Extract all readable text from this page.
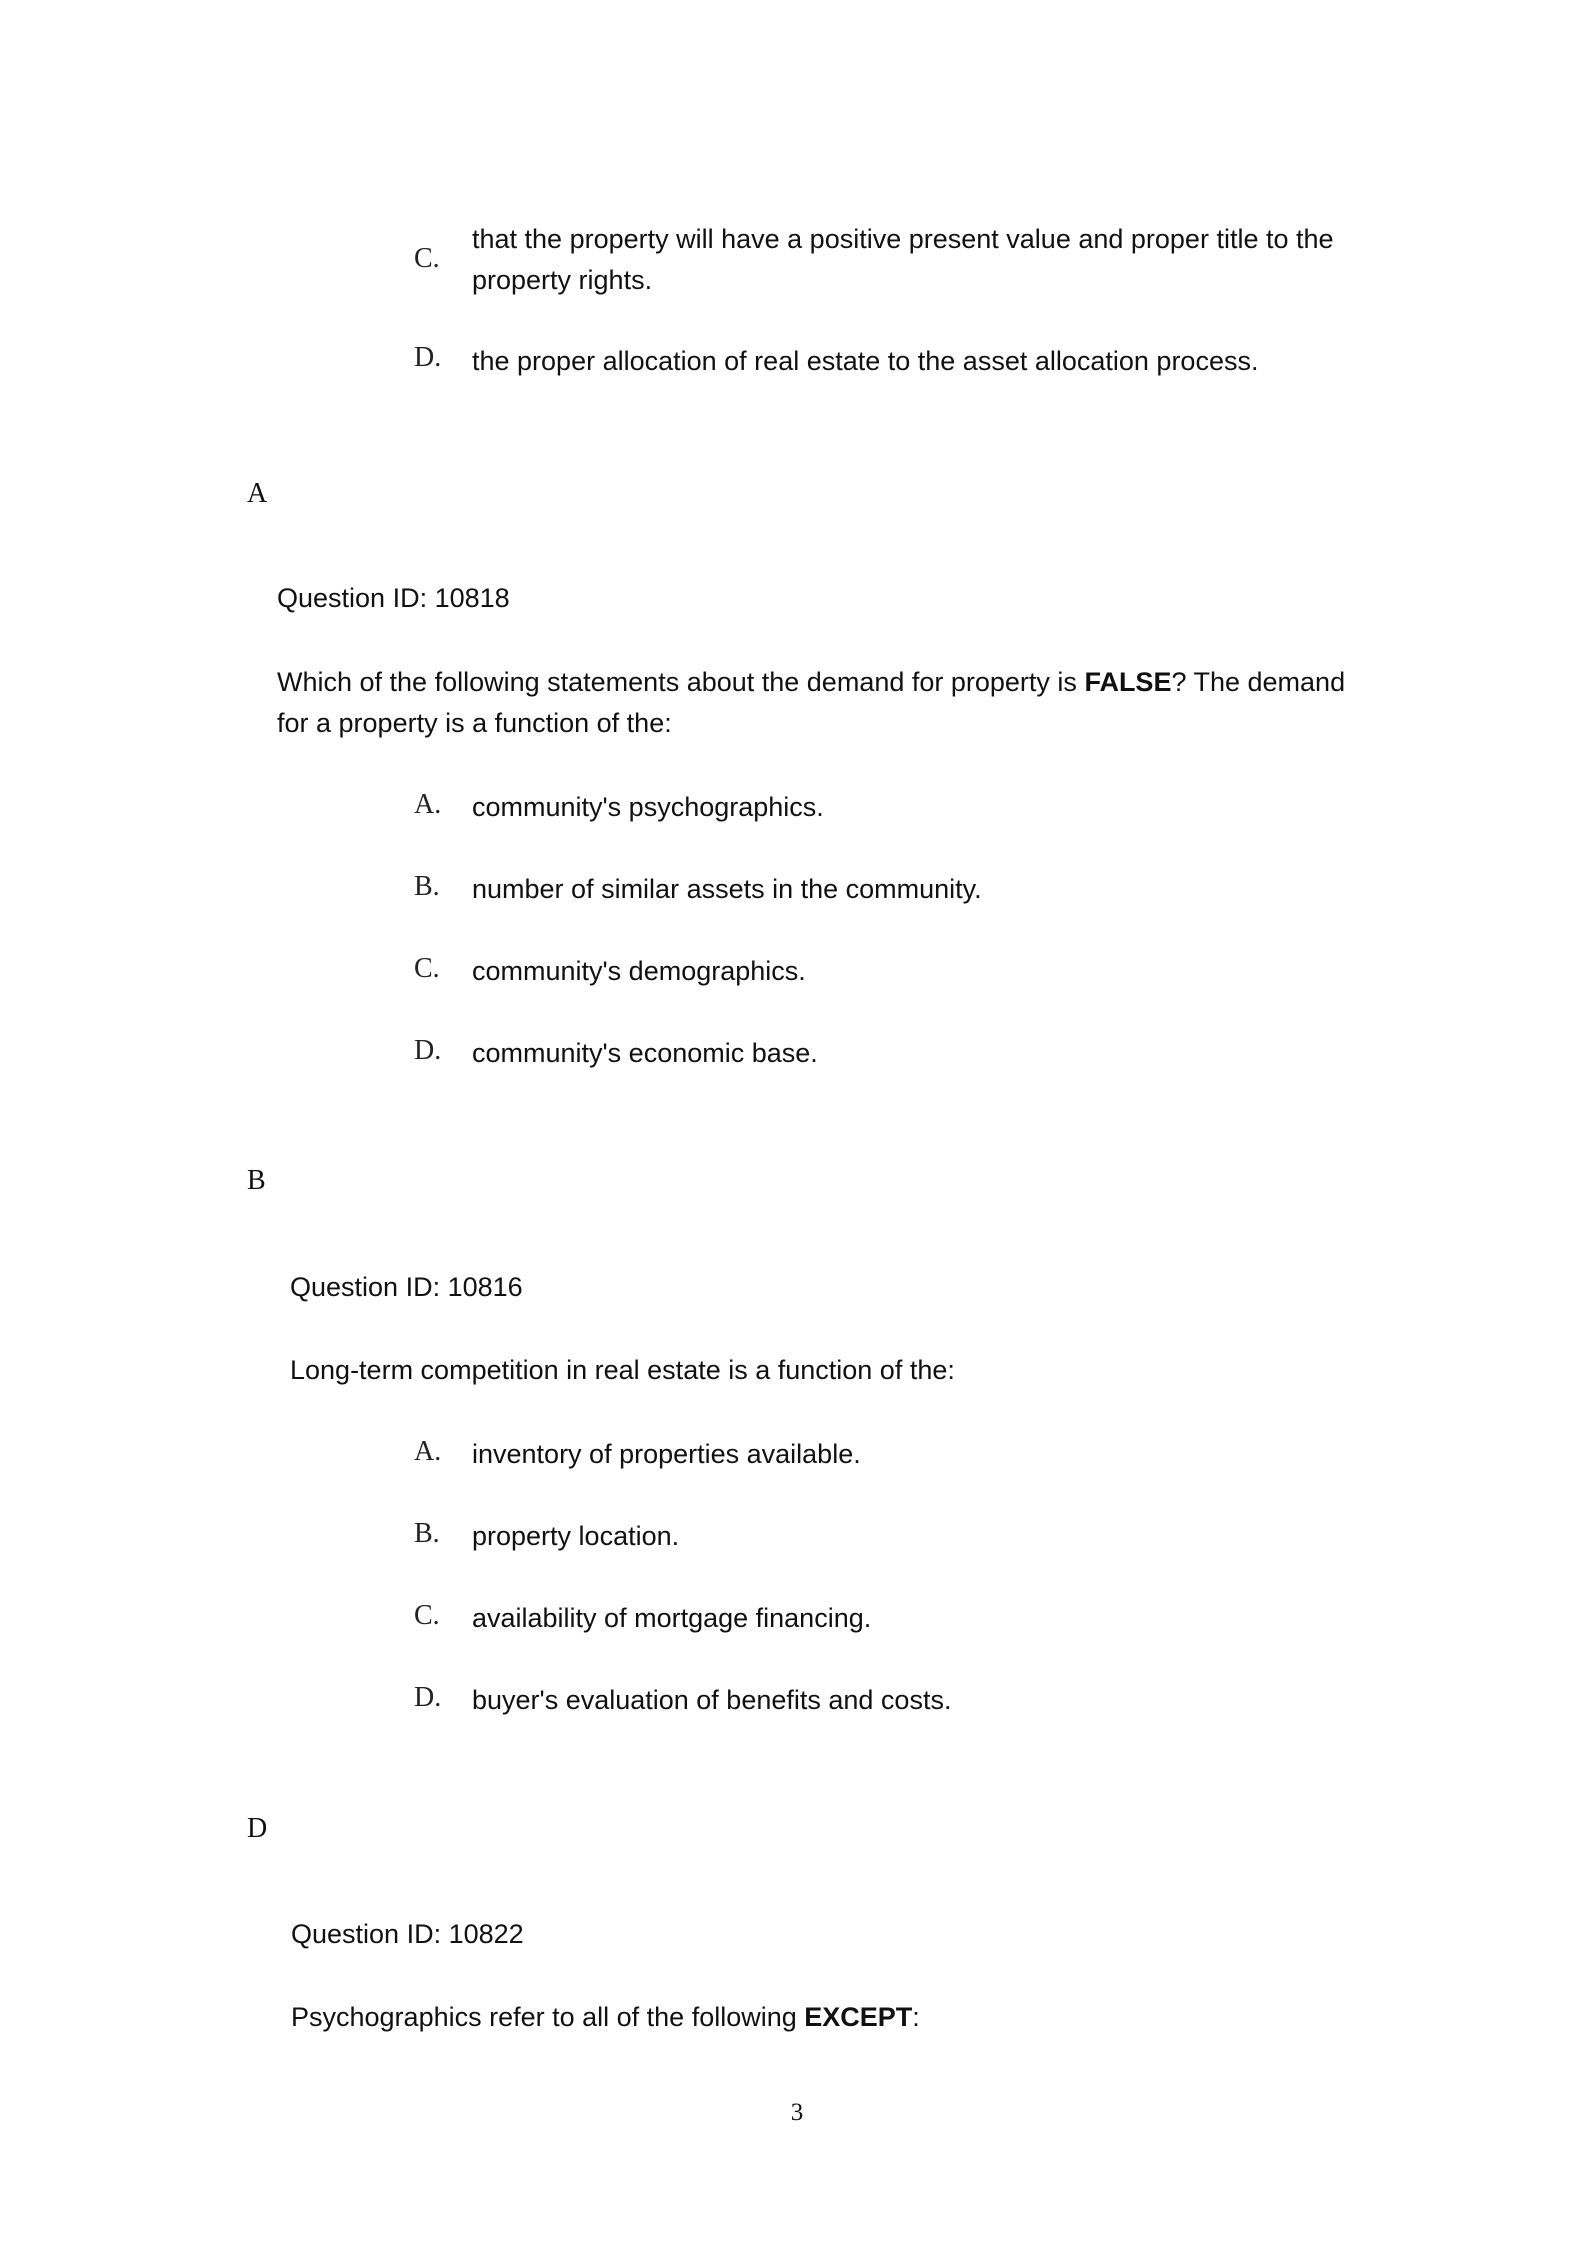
C.
that the property will have a positive present value and proper title to the property rights.
D. the proper allocation of real estate to the asset allocation process.
A
Question ID: 10818
Which of the following statements about the demand for property is FALSE? The demand for a property is a function of the:
A. community's psychographics.
B. number of similar assets in the community.
C. community's demographics.
D. community's economic base.
B
Question ID: 10816
Long-term competition in real estate is a function of the:
A. inventory of properties available.
B. property location.
C. availability of mortgage financing.
D. buyer's evaluation of benefits and costs.
D
Question ID: 10822
Psychographics refer to all of the following EXCEPT:
3
